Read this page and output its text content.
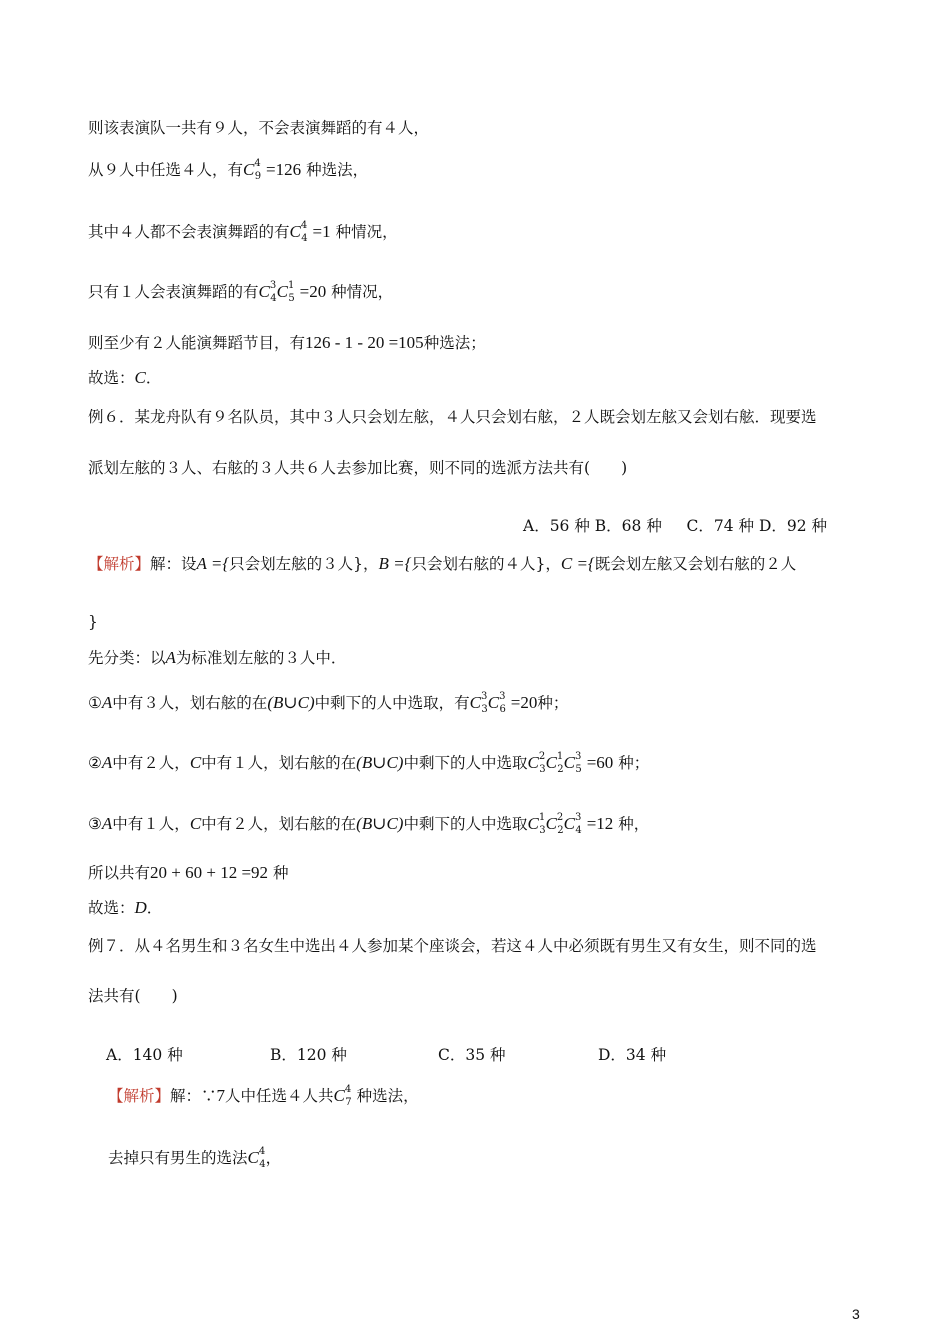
则该表演队一共有９人，不会表演舞蹈的有４人，
从９人中任选４人，有$C^4_9 =126$ 种选法，
其中４人都不会表演舞蹈的有$C^4_4 =1$ 种情况，
只有１人会表演舞蹈的有$C^3_4C^1_5 =20$ 种情况，
则至少有２人能演舞蹈节目，有126 - 1 - 20 =105种选法；
故选：C．
例６．某龙舟队有９名队员，其中３人只会划左舷，４人只会划右舷，２人既会划左舷又会划右舷．现要选
派划左舷的３人、右舷的３人共６人去参加比赛，则不同的选派方法共有(　　)
A．56 种 B．68 种 C．74 种 D．92 种
【解析】解：设A ={只会划左舷的３人}，B ={只会划右舷的４人}，C ={既会划左舷又会划右舷的２人
}
先分类：以A为标准划左舷的３人中．
①A中有３人，划右舷的在(B∪C)中剩下的人中选取，有$C^3_3C^3_6 =20$种；
②A中有２人，C中有１人，划右舷的在(B∪C)中剩下的人中选取$C^2_3C^1_2C^3_5 =60$ 种；
③A中有１人，C中有２人，划右舷的在(B∪C)中剩下的人中选取$C^1_3C^2_2C^3_4 =12$ 种，
所以共有20 + 60 + 12 =92 种
故选：D．
例７．从４名男生和３名女生中选出４人参加某个座谈会，若这４人中必须既有男生又有女生，则不同的选
法共有(　　)
A．140 种	B．120 种	C．35 种	D．34 种
【解析】解：∵7人中任选４人共$C^4_7$ 种选法，
去掉只有男生的选法$C^4_4$，
3
